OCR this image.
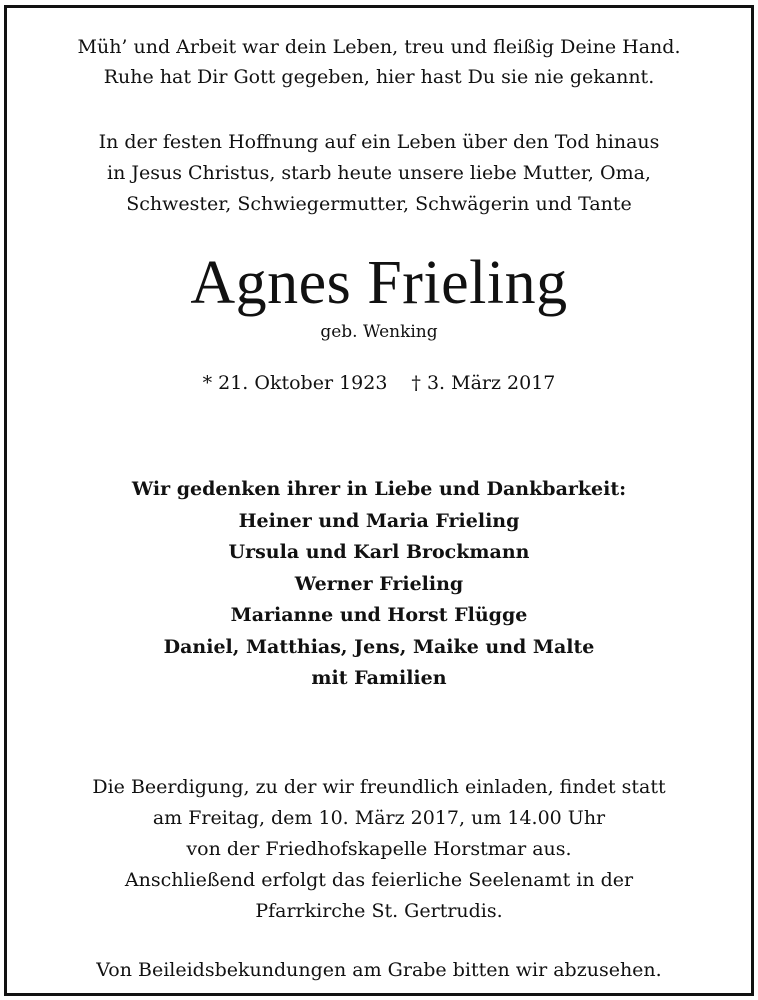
Müh’ und Arbeit war dein Leben, treu und fleißig Deine Hand.
Ruhe hat Dir Gott gegeben, hier hast Du sie nie gekannt.
In der festen Hoffnung auf ein Leben über den Tod hinaus
in Jesus Christus, starb heute unsere liebe Mutter, Oma,
Schwester, Schwiegermutter, Schwägerin und Tante
Agnes Frieling
geb. Wenking
* 21. Oktober 1923 † 3. März 2017
Wir gedenken ihrer in Liebe und Dankbarkeit:
Heiner und Maria Frieling
Ursula und Karl Brockmann
Werner Frieling
Marianne und Horst Flügge
Daniel, Matthias, Jens, Maike und Malte
mit Familien
Die Beerdigung, zu der wir freundlich einladen, findet statt
am Freitag, dem 10. März 2017, um 14.00 Uhr
von der Friedhofskapelle Horstmar aus.
Anschließend erfolgt das feierliche Seelenamt in der
Pfarrkirche St. Gertrudis.
Von Beileidsbekundungen am Grabe bitten wir abzusehen.
